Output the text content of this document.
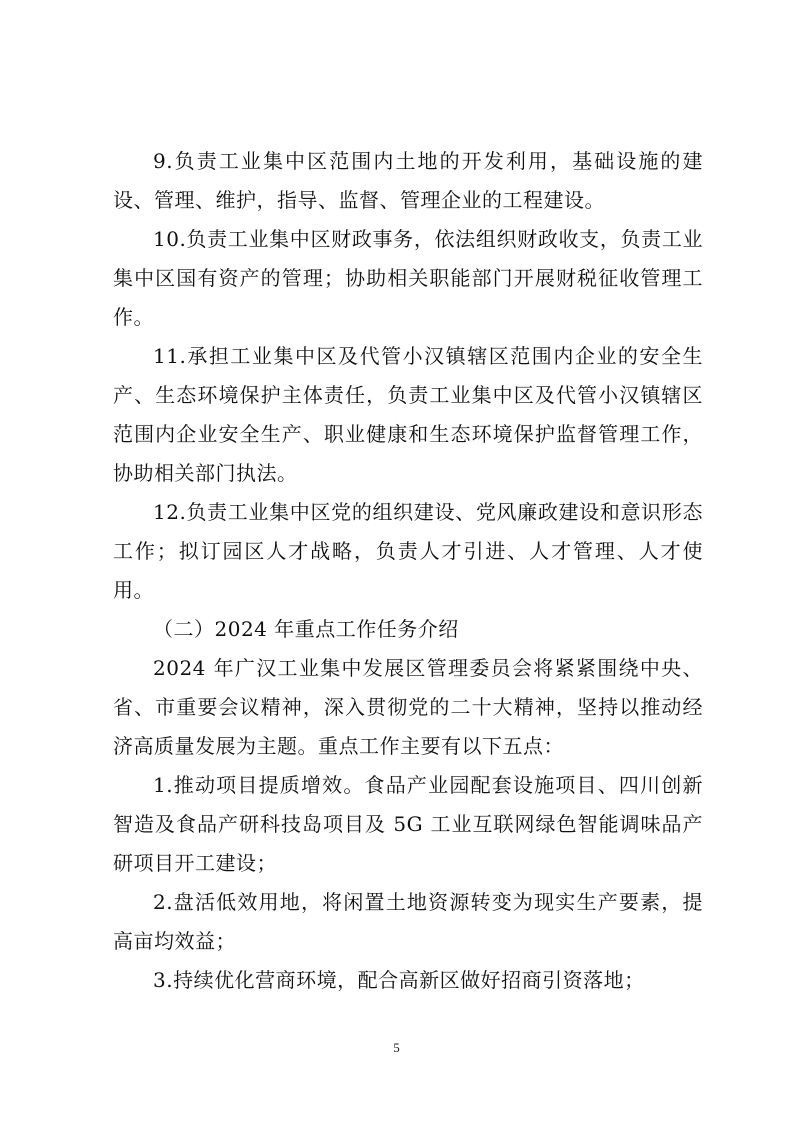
9.负责工业集中区范围内土地的开发利用，基础设施的建设、管理、维护，指导、监督、管理企业的工程建设。

10.负责工业集中区财政事务，依法组织财政收支，负责工业集中区国有资产的管理；协助相关职能部门开展财税征收管理工作。

11.承担工业集中区及代管小汉镇辖区范围内企业的安全生产、生态环境保护主体责任，负责工业集中区及代管小汉镇辖区范围内企业安全生产、职业健康和生态环境保护监督管理工作，协助相关部门执法。

12.负责工业集中区党的组织建设、党风廉政建设和意识形态工作；拟订园区人才战略，负责人才引进、人才管理、人才使用。

（二）2024 年重点工作任务介绍

2024 年广汉工业集中发展区管理委员会将紧紧围绕中央、省、市重要会议精神，深入贯彻党的二十大精神，坚持以推动经济高质量发展为主题。重点工作主要有以下五点：

1.推动项目提质增效。食品产业园配套设施项目、四川创新智造及食品产研科技岛项目及 5G 工业互联网绿色智能调味品产研项目开工建设；

2.盘活低效用地，将闲置土地资源转变为现实生产要素，提高亩均效益；

3.持续优化营商环境，配合高新区做好招商引资落地；

5
